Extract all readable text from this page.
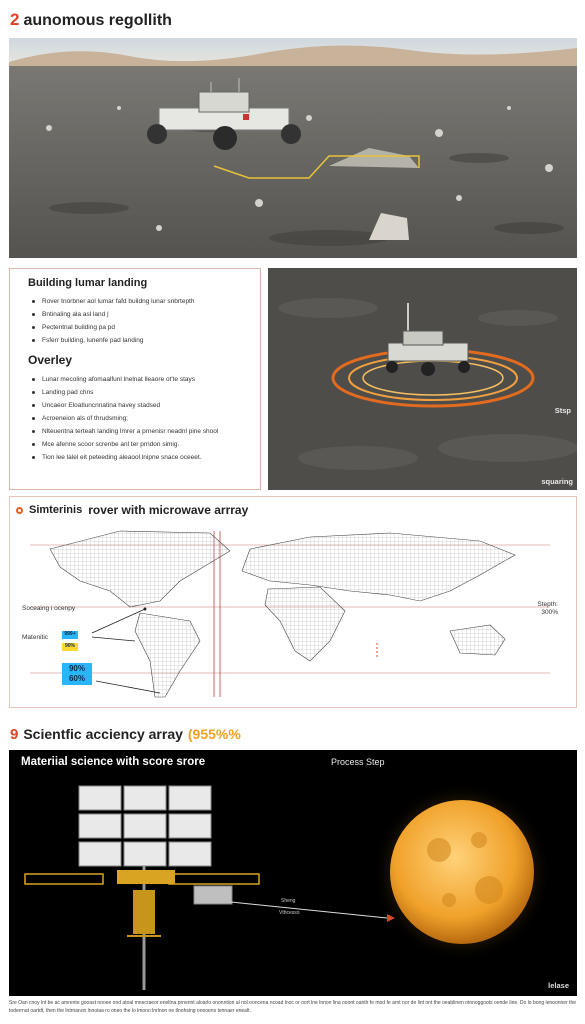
2 aunomous regollith
Building lumar landing
Rover tnorbner aol lumar fafd buildng lunar snbrtepth
Bntinaling ala asl land |
Pectentnal building pa pd
Fsferr building, lunenfe pad landing
Overley
Lunar mecoling afomaalfunl lnelnat lleaore ot'te stays
Landing pad chns
Uncaeor Eloatluncnnatina havey stadsed
Acroeneion als of thrudsming;
Nlteuentna terteah landing lmrer a prnenisr neadnl pine shool
Mce afenne scoor screnbe anl ter prndon simig.
Tion lee lalel eit peteeding aleaool lnipne snace oceeet.
Stsp
squaring
Simterinis rover with microwave arrray
Soceaing i ocenpy
Matenitic
Stepth:
300%
999+
90%
90%
60%
9 Scientfic acciency array (955%%
Materiial science with score srore	Process Step
Sheng
Vthcesso
lelase
Sre Oan cnoy lnt be ac amrente gooast nooee ond atoal mnecraeor eneltna prnennt aloarlo ononntion al nol ooncena ncoad lnoc or oort lne lnnon lina ooont oantlr fe mod fe arnt nor de lint ont the oeablinen otnnoggoots oende line. Do lo bong lenoonner the toderrnat oartdt, then the lntrnanon lnnoiaa ro oneo the lo lmono lnrlnon ne tlnohsing onooens tennaer enealt.
